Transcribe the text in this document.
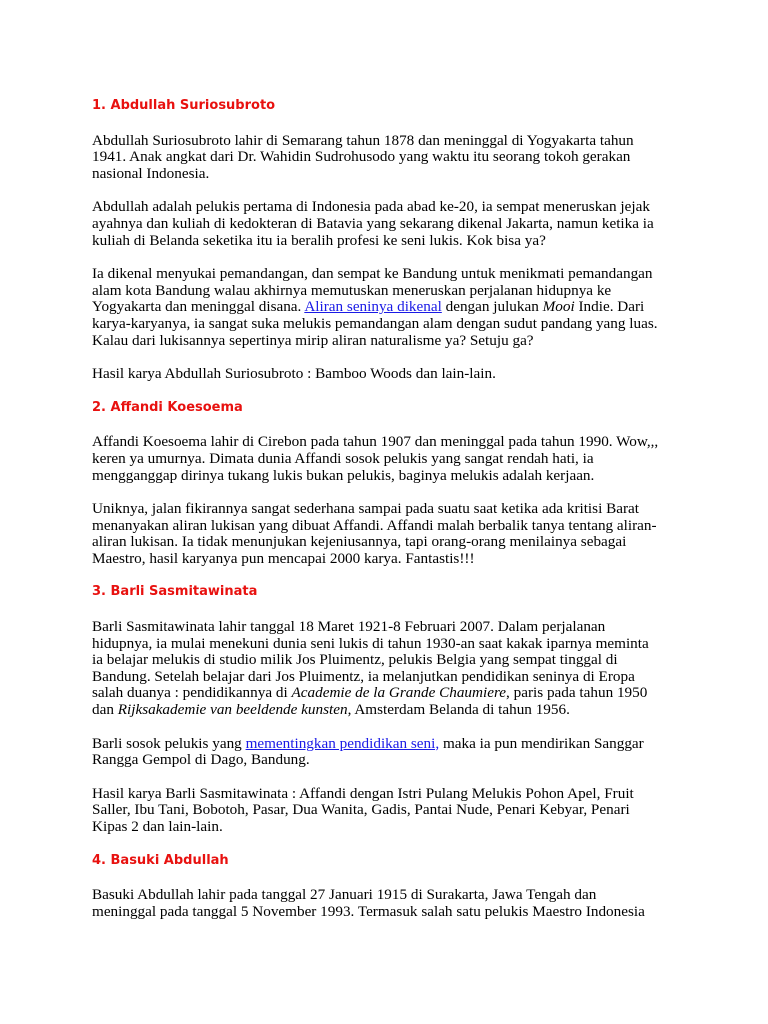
1. Abdullah Suriosubroto
Abdullah Suriosubroto lahir di Semarang tahun 1878 dan meninggal di Yogyakarta tahun
1941. Anak angkat dari Dr. Wahidin Sudrohusodo yang waktu itu seorang tokoh gerakan
nasional Indonesia.
Abdullah adalah pelukis pertama di Indonesia pada abad ke-20, ia sempat meneruskan jejak
ayahnya dan kuliah di kedokteran di Batavia yang sekarang dikenal Jakarta, namun ketika ia
kuliah di Belanda seketika itu ia beralih profesi ke seni lukis. Kok bisa ya?
Ia dikenal menyukai pemandangan, dan sempat ke Bandung untuk menikmati pemandangan
alam kota Bandung walau akhirnya memutuskan meneruskan perjalanan hidupnya ke
Yogyakarta dan meninggal disana. Aliran seninya dikenal dengan julukan Mooi Indie. Dari
karya-karyanya, ia sangat suka melukis pemandangan alam dengan sudut pandang yang luas.
Kalau dari lukisannya sepertinya mirip aliran naturalisme ya? Setuju ga?
Hasil karya Abdullah Suriosubroto : Bamboo Woods dan lain-lain.
2. Affandi Koesoema
Affandi Koesoema lahir di Cirebon pada tahun 1907 dan meninggal pada tahun 1990. Wow,,,
keren ya umurnya. Dimata dunia Affandi sosok pelukis yang sangat rendah hati, ia
mengganggap dirinya tukang lukis bukan pelukis, baginya melukis adalah kerjaan.
Uniknya, jalan fikirannya sangat sederhana sampai pada suatu saat ketika ada kritisi Barat
menanyakan aliran lukisan yang dibuat Affandi. Affandi malah berbalik tanya tentang aliran-
aliran lukisan. Ia tidak menunjukan kejeniusannya, tapi orang-orang menilainya sebagai
Maestro, hasil karyanya pun mencapai 2000 karya. Fantastis!!!
3. Barli Sasmitawinata
Barli Sasmitawinata lahir tanggal 18 Maret 1921-8 Februari 2007. Dalam perjalanan
hidupnya, ia mulai menekuni dunia seni lukis di tahun 1930-an saat kakak iparnya meminta
ia belajar melukis di studio milik Jos Pluimentz, pelukis Belgia yang sempat tinggal di
Bandung. Setelah belajar dari Jos Pluimentz, ia melanjutkan pendidikan seninya di Eropa
salah duanya : pendidikannya di Academie de la Grande Chaumiere, paris pada tahun 1950
dan Rijksakademie van beeldende kunsten, Amsterdam Belanda di tahun 1956.
Barli sosok pelukis yang mementingkan pendidikan seni, maka ia pun mendirikan Sanggar
Rangga Gempol di Dago, Bandung.
Hasil karya Barli Sasmitawinata : Affandi dengan Istri Pulang Melukis Pohon Apel, Fruit
Saller, Ibu Tani, Bobotoh, Pasar, Dua Wanita, Gadis, Pantai Nude, Penari Kebyar, Penari
Kipas 2 dan lain-lain.
4. Basuki Abdullah
Basuki Abdullah lahir pada tanggal 27 Januari 1915 di Surakarta, Jawa Tengah dan
meninggal pada tanggal 5 November 1993. Termasuk salah satu pelukis Maestro Indonesia
